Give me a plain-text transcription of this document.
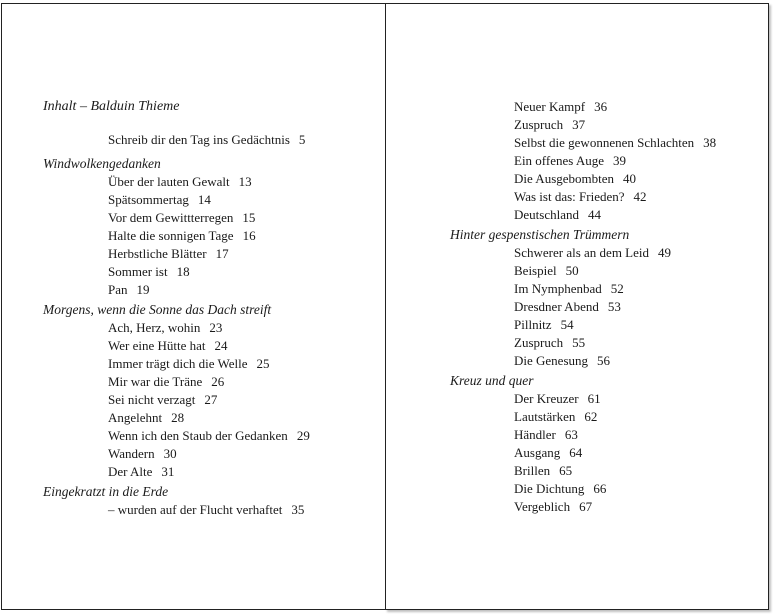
Inhalt – Balduin Thieme
Schreib dir den Tag ins Gedächtnis 5
Windwolkengedanken
Über der lauten Gewalt 13
Spätsommertag 14
Vor dem Gewittterregen 15
Halte die sonnigen Tage 16
Herbstliche Blätter 17
Sommer ist 18
Pan 19
Morgens, wenn die Sonne das Dach streift
Ach, Herz, wohin 23
Wer eine Hütte hat 24
Immer trägt dich die Welle 25
Mir war die Träne 26
Sei nicht verzagt 27
Angelehnt 28
Wenn ich den Staub der Gedanken 29
Wandern 30
Der Alte 31
Eingekratzt in die Erde
– wurden auf der Flucht verhaftet 35
Neuer Kampf 36
Zuspruch 37
Selbst die gewonnenen Schlachten 38
Ein offenes Auge 39
Die Ausgebombten 40
Was ist das: Frieden? 42
Deutschland 44
Hinter gespenstischen Trümmern
Schwerer als an dem Leid 49
Beispiel 50
Im Nymphenbad 52
Dresdner Abend 53
Pillnitz 54
Zuspruch 55
Die Genesung 56
Kreuz und quer
Der Kreuzer 61
Lautstärken 62
Händler 63
Ausgang 64
Brillen 65
Die Dichtung 66
Vergeblich 67
